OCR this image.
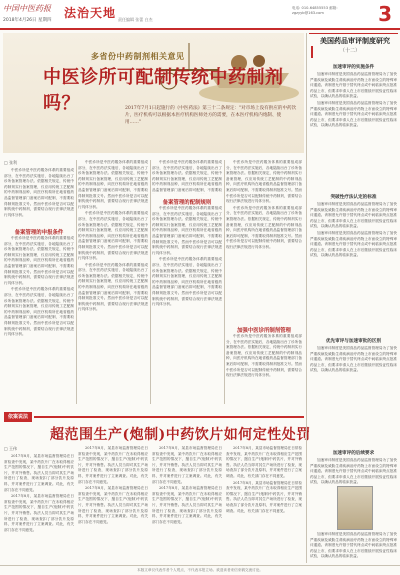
中国中医药报
2018年4月26日 星期四
法治天地 责任编辑 张蕾 白杰
电话: 010-64855553 邮箱: zgzyyb@163.com	3
多省份中药制剂相关意见
中医诊所可配制传统中药制剂吗？	2017年7月1日起施行的《中医药法》第三十二条规定："对市场上没有供应的中药饮片，医疗机构可以根据本医疗机构医师处方的需要，在本医疗机构内炮制、使用……"
□ 张利

中医诊所是中医药服务体系的重要组成部分，在中医药法实施后，各地陆续出台了诊所备案管理办法。依据相关规定，传统中药制剂实行备案管理，仅应用传统工艺配制的中药制剂品种，向医疗机构所在地省级药品监督管理部门备案后即可配制，不需要取得制剂批准文号。然而中医诊所是否可以配制传统中药制剂，需要结合现行法律法规进行具体分析。

备案管理的申报条件

中医诊所是中医药服务体系的重要组成部分，在中医药法实施后，各地陆续出台了诊所备案管理办法。依据相关规定，传统中药制剂实行备案管理，仅应用传统工艺配制的中药制剂品种，向医疗机构所在地省级药品监督管理部门备案后即可配制，不需要取得制剂批准文号。然而中医诊所是否可以配制传统中药制剂，需要结合现行法律法规进行具体分析。

中医诊所是中医药服务体系的重要组成部分，在中医药法实施后，各地陆续出台了诊所备案管理办法。依据相关规定，传统中药制剂实行备案管理，仅应用传统工艺配制的中药制剂品种，向医疗机构所在地省级药品监督管理部门备案后即可配制，不需要取得制剂批准文号。然而中医诊所是否可以配制传统中药制剂，需要结合现行法律法规进行具体分析。

中医诊所是中医药服务体系的重要组成部分，在中医药法实施后，各地陆续出台了诊所备案管理办法。依据相关规定，传统中药制剂实行备案管理，仅应用传统工艺配制的中药制剂品种，向医疗机构所在地省级药品监督管理部门备案后即可配制，不需要取得制剂批准文号。然而中医诊所是否可以配制传统中药制剂，需要结合现行法律法规进行具体分析。

中医诊所是中医药服务体系的重要组成部分，在中医药法实施后，各地陆续出台了诊所备案管理办法。依据相关规定，传统中药制剂实行备案管理，仅应用传统工艺配制的中药制剂品种，向医疗机构所在地省级药品监督管理部门备案后即可配制，不需要取得制剂批准文号。然而中医诊所是否可以配制传统中药制剂，需要结合现行法律法规进行具体分析。

中医诊所是中医药服务体系的重要组成部分，在中医药法实施后，各地陆续出台了诊所备案管理办法。依据相关规定，传统中药制剂实行备案管理，仅应用传统工艺配制的中药制剂品种，向医疗机构所在地省级药品监督管理部门备案后即可配制，不需要取得制剂批准文号。然而中医诊所是否可以配制传统中药制剂，需要结合现行法律法规进行具体分析。

中医诊所是中医药服务体系的重要组成部分，在中医药法实施后，各地陆续出台了诊所备案管理办法。依据相关规定，传统中药制剂实行备案管理，仅应用传统工艺配制的中药制剂品种，向医疗机构所在地省级药品监督管理部门备案后即可配制，不需要取

备案管理的配制规则

中医诊所是中医药服务体系的重要组成部分，在中医药法实施后，各地陆续出台了诊所备案管理办法。依据相关规定，传统中药制剂实行备案管理，仅应用传统工艺配制的中药制剂品种，向医疗机构所在地省级药品监督管理部门备案后即可配制，不需要取得制剂批准文号。然而中医诊所是否可以配制传统中药制剂，需要结合现行法律法规进行具体分析。

中医诊所是中医药服务体系的重要组成部分，在中医药法实施后，各地陆续出台了诊所备案管理办法。依据相关规定，传统中药制剂实行备案管理，仅应用传统工艺配制的中药制剂品种，向医疗机构所在地省级药品监督管理部门备案后即可配制，不需要取得制剂批准文号。然而中医诊所是否可以配制传统中药制剂，需要结合现行法律法规进行具体分析。

中医诊所是中医药服务体系的重要组成部分，在中医药法实施后，各地陆续出台了诊所备案管理办法。依据相关规定，传统中药制剂实行备案管理，仅应用传统工艺配制的中药制剂品种，向医疗机构所在地省级药品监督管理部门备案后即可配制，不需要取得制剂批准文号。然而中医诊所是否可以配制传统中药制剂，需要结合现行法律法规进行具体分析。

中医诊所是中医药服务体系的重要组成部分，在中医药法实施后，各地陆续出台了诊所备案管理办法。依据相关规定，传统中药制剂实行备案管理，仅应用传统工艺配制的中药制剂品种，向医疗机构所在地省级药品监督管理部门备案后即可配制，不需要取得制剂批准文号。然而中医诊所是否可以配制传统中药制剂，需要结合现行法律法规进行具体分析。

加强中医诊所制剂管理

中医诊所是中医药服务体系的重要组成部分，在中医药法实施后，各地陆续出台了诊所备案管理办法。依据相关规定，传统中药制剂实行备案管理，仅应用传统工艺配制的中药制剂品种，向医疗机构所在地省级药品监督管理部门备案后即可配制，不需要取得制剂批准文号。然而中医诊所是否可以配制传统中药制剂，需要结合现行法律法规进行具体分析。

依案说法
超范围生产(炮制)中药饮片如何定性处罚
□ 王伟

2017年8月，某县市场监督管理局在日常检查中发现，某中药饮片厂在未取得相应生产范围的情况下，擅自生产(炮制)中药饮片，并对外销售。执法人员当即对其生产场所进行了检查，现场查扣了部分饮片及原料，并对案件进行了立案调查。对此，有关部门存在不同意见。

2017年8月，某县市场监督管理局在日常检查中发现，某中药饮片厂在未取得相应生产范围的情况下，擅自生产(炮制)中药饮片，并对外销售。执法人员当即对其生产场所进行了检查，现场查扣了部分饮片及原料，并对案件进行了立案调查。对此，有关部门存在不同意见。

2017年8月，某县市场监督管理局在日常检查中发现，某中药饮片厂在未取得相应生产范围的情况下，擅自生产(炮制)中药饮片，并对外销售。执法人员当即对其生产场所进行了检查，现场查扣了部分饮片及原料，并对案件进行了立案调查。对此，有关部门存在不同意见。

2017年8月，某县市场监督管理局在日常检查中发现，某中药饮片厂在未取得相应生产范围的情况下，擅自生产(炮制)中药饮片，并对外销售。执法人员当即对其生产场所进行了检查，现场查扣了部分饮片及原料，并对案件进行了立案调查。对此，有关部门存在不同意见。

2017年8月，某县市场监督管理局在日常检查中发现，某中药饮片厂在未取得相应生产范围的情况下，擅自生产(炮制)中药饮片，并对外销售。执法人员当即对其生产场所进行了检查，现场查扣了部分饮片及原料，并对案件进行了立案调查。对此，有关部门存在不同意见。

2017年8月，某县市场监督管理局在日常检查中发现，某中药饮片厂在未取得相应生产范围的情况下，擅自生产(炮制)中药饮片，并对外销售。执法人员当即对其生产场所进行了检查，现场查扣了部分饮片及原料，并对案件进行了立案调查。对此，有关部门存在不同意见。

2017年8月，某县市场监督管理局在日常检查中发现，某中药饮片厂在未取得相应生产范围的情况下，擅自生产(炮制)中药饮片，并对外销售。执法人员当即对其生产场所进行了检查，现场查扣了部分饮片及原料，并对案件进行了立案调查。对此，有关部门存在不同意见。

2017年8月，某县市场监督管理局在日常检查中发现，某中药饮片厂在未取得相应生产范围的情况下，擅自生产(炮制)中药饮片，并对外销售。执法人员当即对其生产场所进行了检查，现场查扣了部分饮片及原料，并对案件进行了立案调查。对此，有关部门存在不同意见。

美国药品审评制度研究
（十二）
加速审评的实施条件

加速审评制度是美国食品药品监督管理局为了加快严重疾病及威胁生命疾病治疗药物上市而设立的特殊审评通道。该制度允许基于替代终点或中间临床终点批准药品上市，但要求申请人在上市后继续开展验证性临床试验，以确认药品的临床获益。

加速审评制度是美国食品药品监督管理局为了加快严重疾病及威胁生命疾病治疗药物上市而设立的特殊审评通道。该制度允许基于替代终点或中间临床终点批准药品上市，但要求申请人在上市后继续开展验证性临床试验，以确认药品的临床获益。

突破性疗法认定的标准

加速审评制度是美国食品药品监督管理局为了加快严重疾病及威胁生命疾病治疗药物上市而设立的特殊审评通道。该制度允许基于替代终点或中间临床终点批准药品上市，但要求申请人在上市后继续开展验证性临床试验，以确认药品的临床获益。

加速审评制度是美国食品药品监督管理局为了加快严重疾病及威胁生命疾病治疗药物上市而设立的特殊审评通道。该制度允许基于替代终点或中间临床终点批准药品上市，但要求申请人在上市后继续开展验证性临床试验，以确认药品的临床获益。

优先审评与加速审批的区别

加速审评制度是美国食品药品监督管理局为了加快严重疾病及威胁生命疾病治疗药物上市而设立的特殊审评通道。该制度允许基于替代终点或中间临床终点批准药品上市，但要求申请人在上市后继续开展验证性临床试验，以确认药品的临床获益。

加速审评的后续要求

加速审评制度是美国食品药品监督管理局为了加快严重疾病及威胁生命疾病治疗药物上市而设立的特殊审评通道。该制度允许基于替代终点或中间临床终点批准药品上市，但要求申请人在上市后继续开展验证性临床试验，以确认药品的临床获益。

加速审评制度是美国食品药品监督管理局为了加快严重疾病及威胁生命疾病治疗药物上市而设立的特殊审评通道。该制度允许基于替代终点或中间临床终点批准药品上市，但要求申请人在上市后继续开展验证性临床试验，以确认药品的临床获益。

本版文章仅代表作者个人观点，不代表本报立场。欢迎读者来信来稿交流讨论。
